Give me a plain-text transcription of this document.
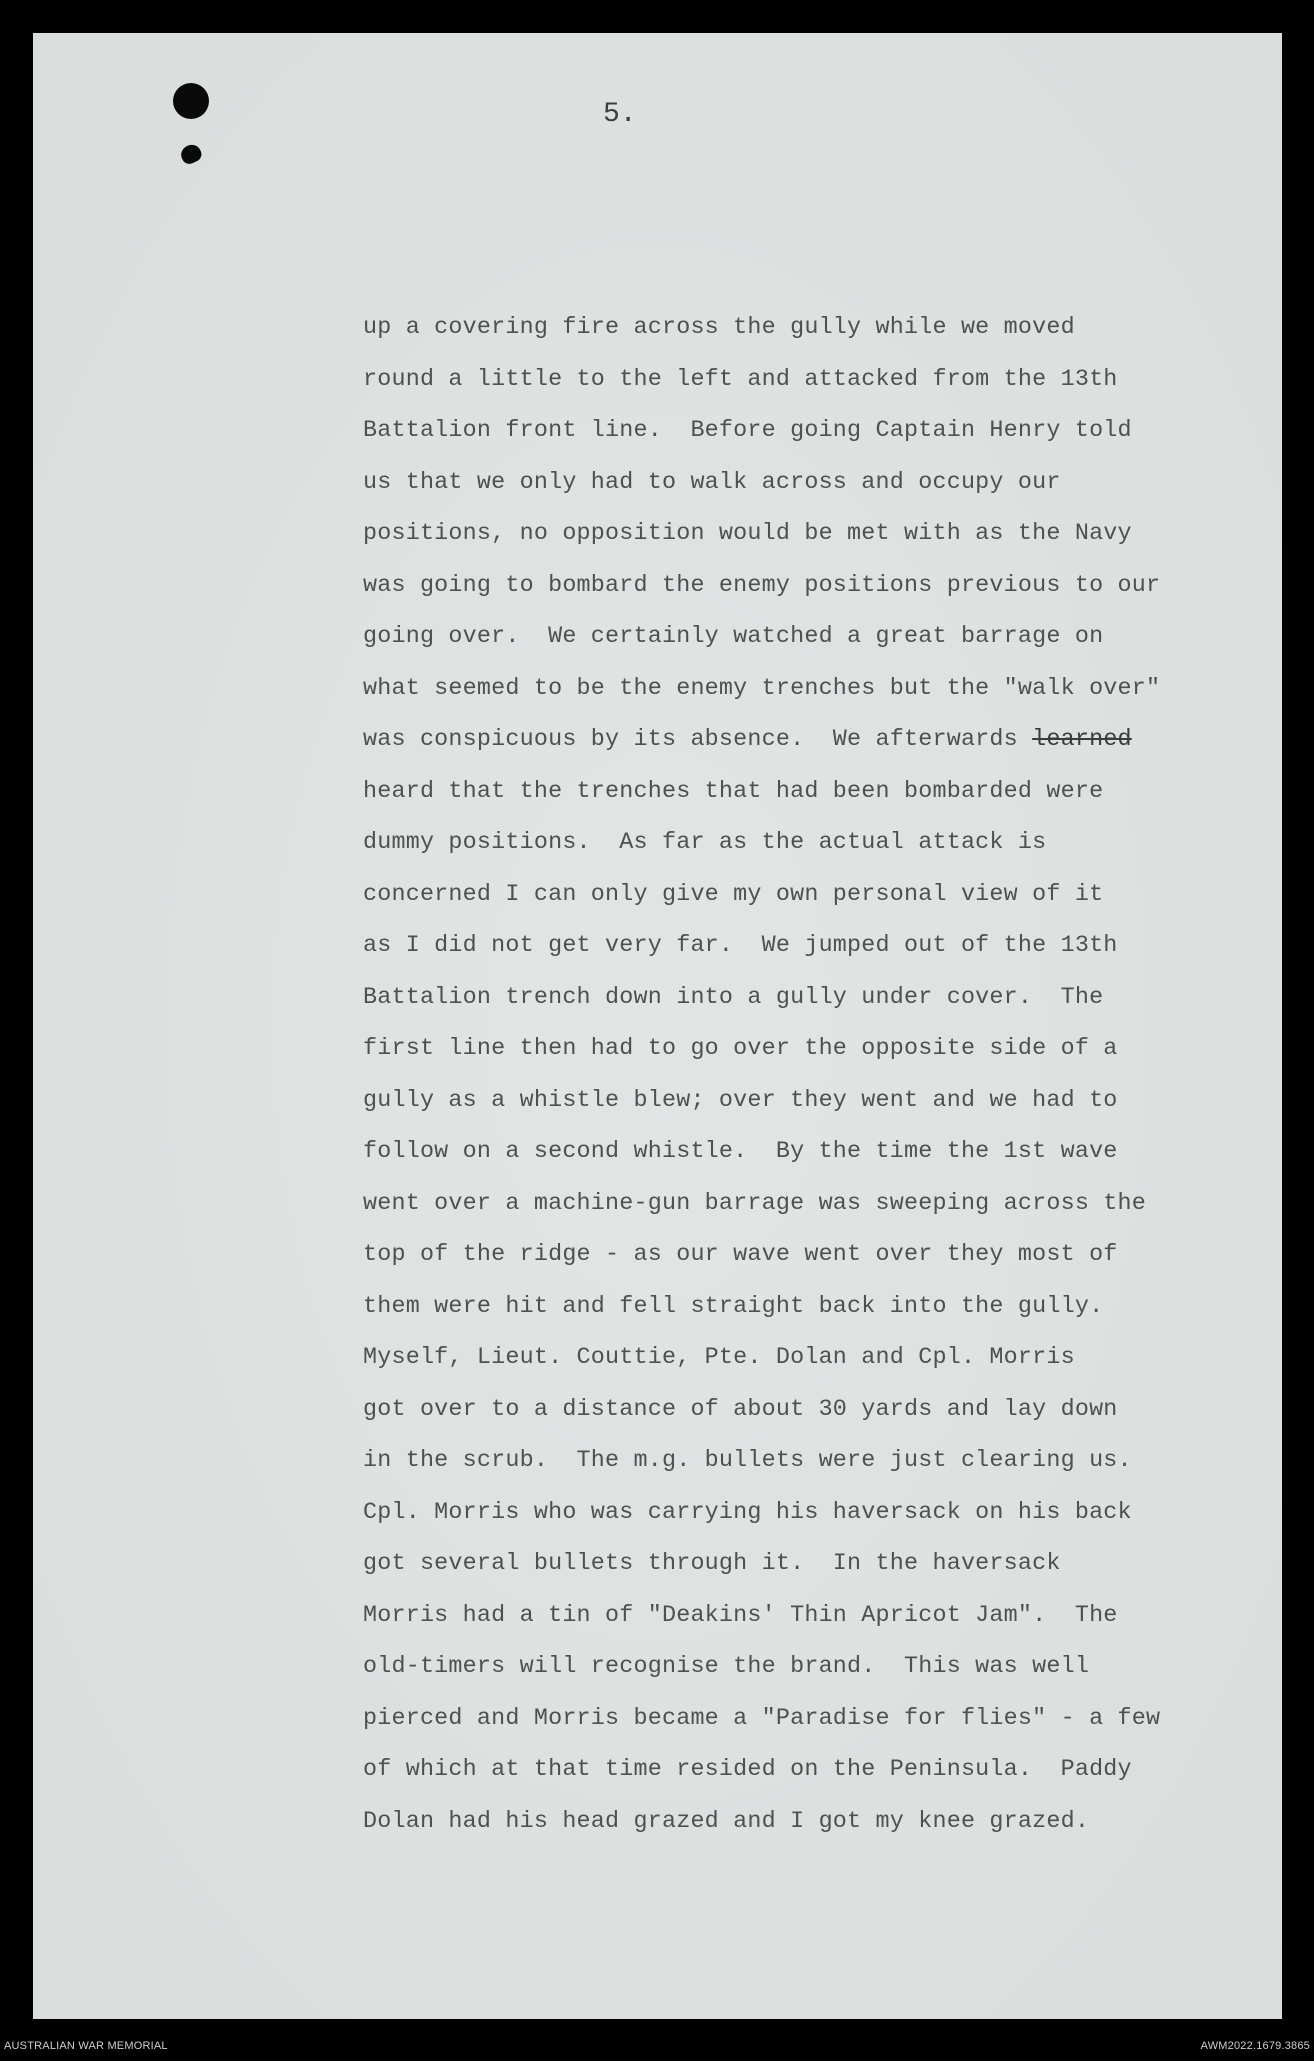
5.
up a covering fire across the gully while we moved
round a little to the left and attacked from the 13th
Battalion front line.  Before going Captain Henry told
us that we only had to walk across and occupy our
positions, no opposition would be met with as the Navy
was going to bombard the enemy positions previous to our
going over.  We certainly watched a great barrage on
what seemed to be the enemy trenches but the "walk over"
was conspicuous by its absence.  We afterwards learned
heard that the trenches that had been bombarded were
dummy positions.  As far as the actual attack is
concerned I can only give my own personal view of it
as I did not get very far.  We jumped out of the 13th
Battalion trench down into a gully under cover.  The
first line then had to go over the opposite side of a
gully as a whistle blew; over they went and we had to
follow on a second whistle.  By the time the 1st wave
went over a machine-gun barrage was sweeping across the
top of the ridge - as our wave went over they most of
them were hit and fell straight back into the gully.
Myself, Lieut. Couttie, Pte. Dolan and Cpl. Morris
got over to a distance of about 30 yards and lay down
in the scrub.  The m.g. bullets were just clearing us.
Cpl. Morris who was carrying his haversack on his back
got several bullets through it.  In the haversack
Morris had a tin of "Deakins' Thin Apricot Jam".  The
old-timers will recognise the brand.  This was well
pierced and Morris became a "Paradise for flies" - a few
of which at that time resided on the Peninsula.  Paddy
Dolan had his head grazed and I got my knee grazed.
AUSTRALIAN WAR MEMORIAL	AWM2022.1679.3865
